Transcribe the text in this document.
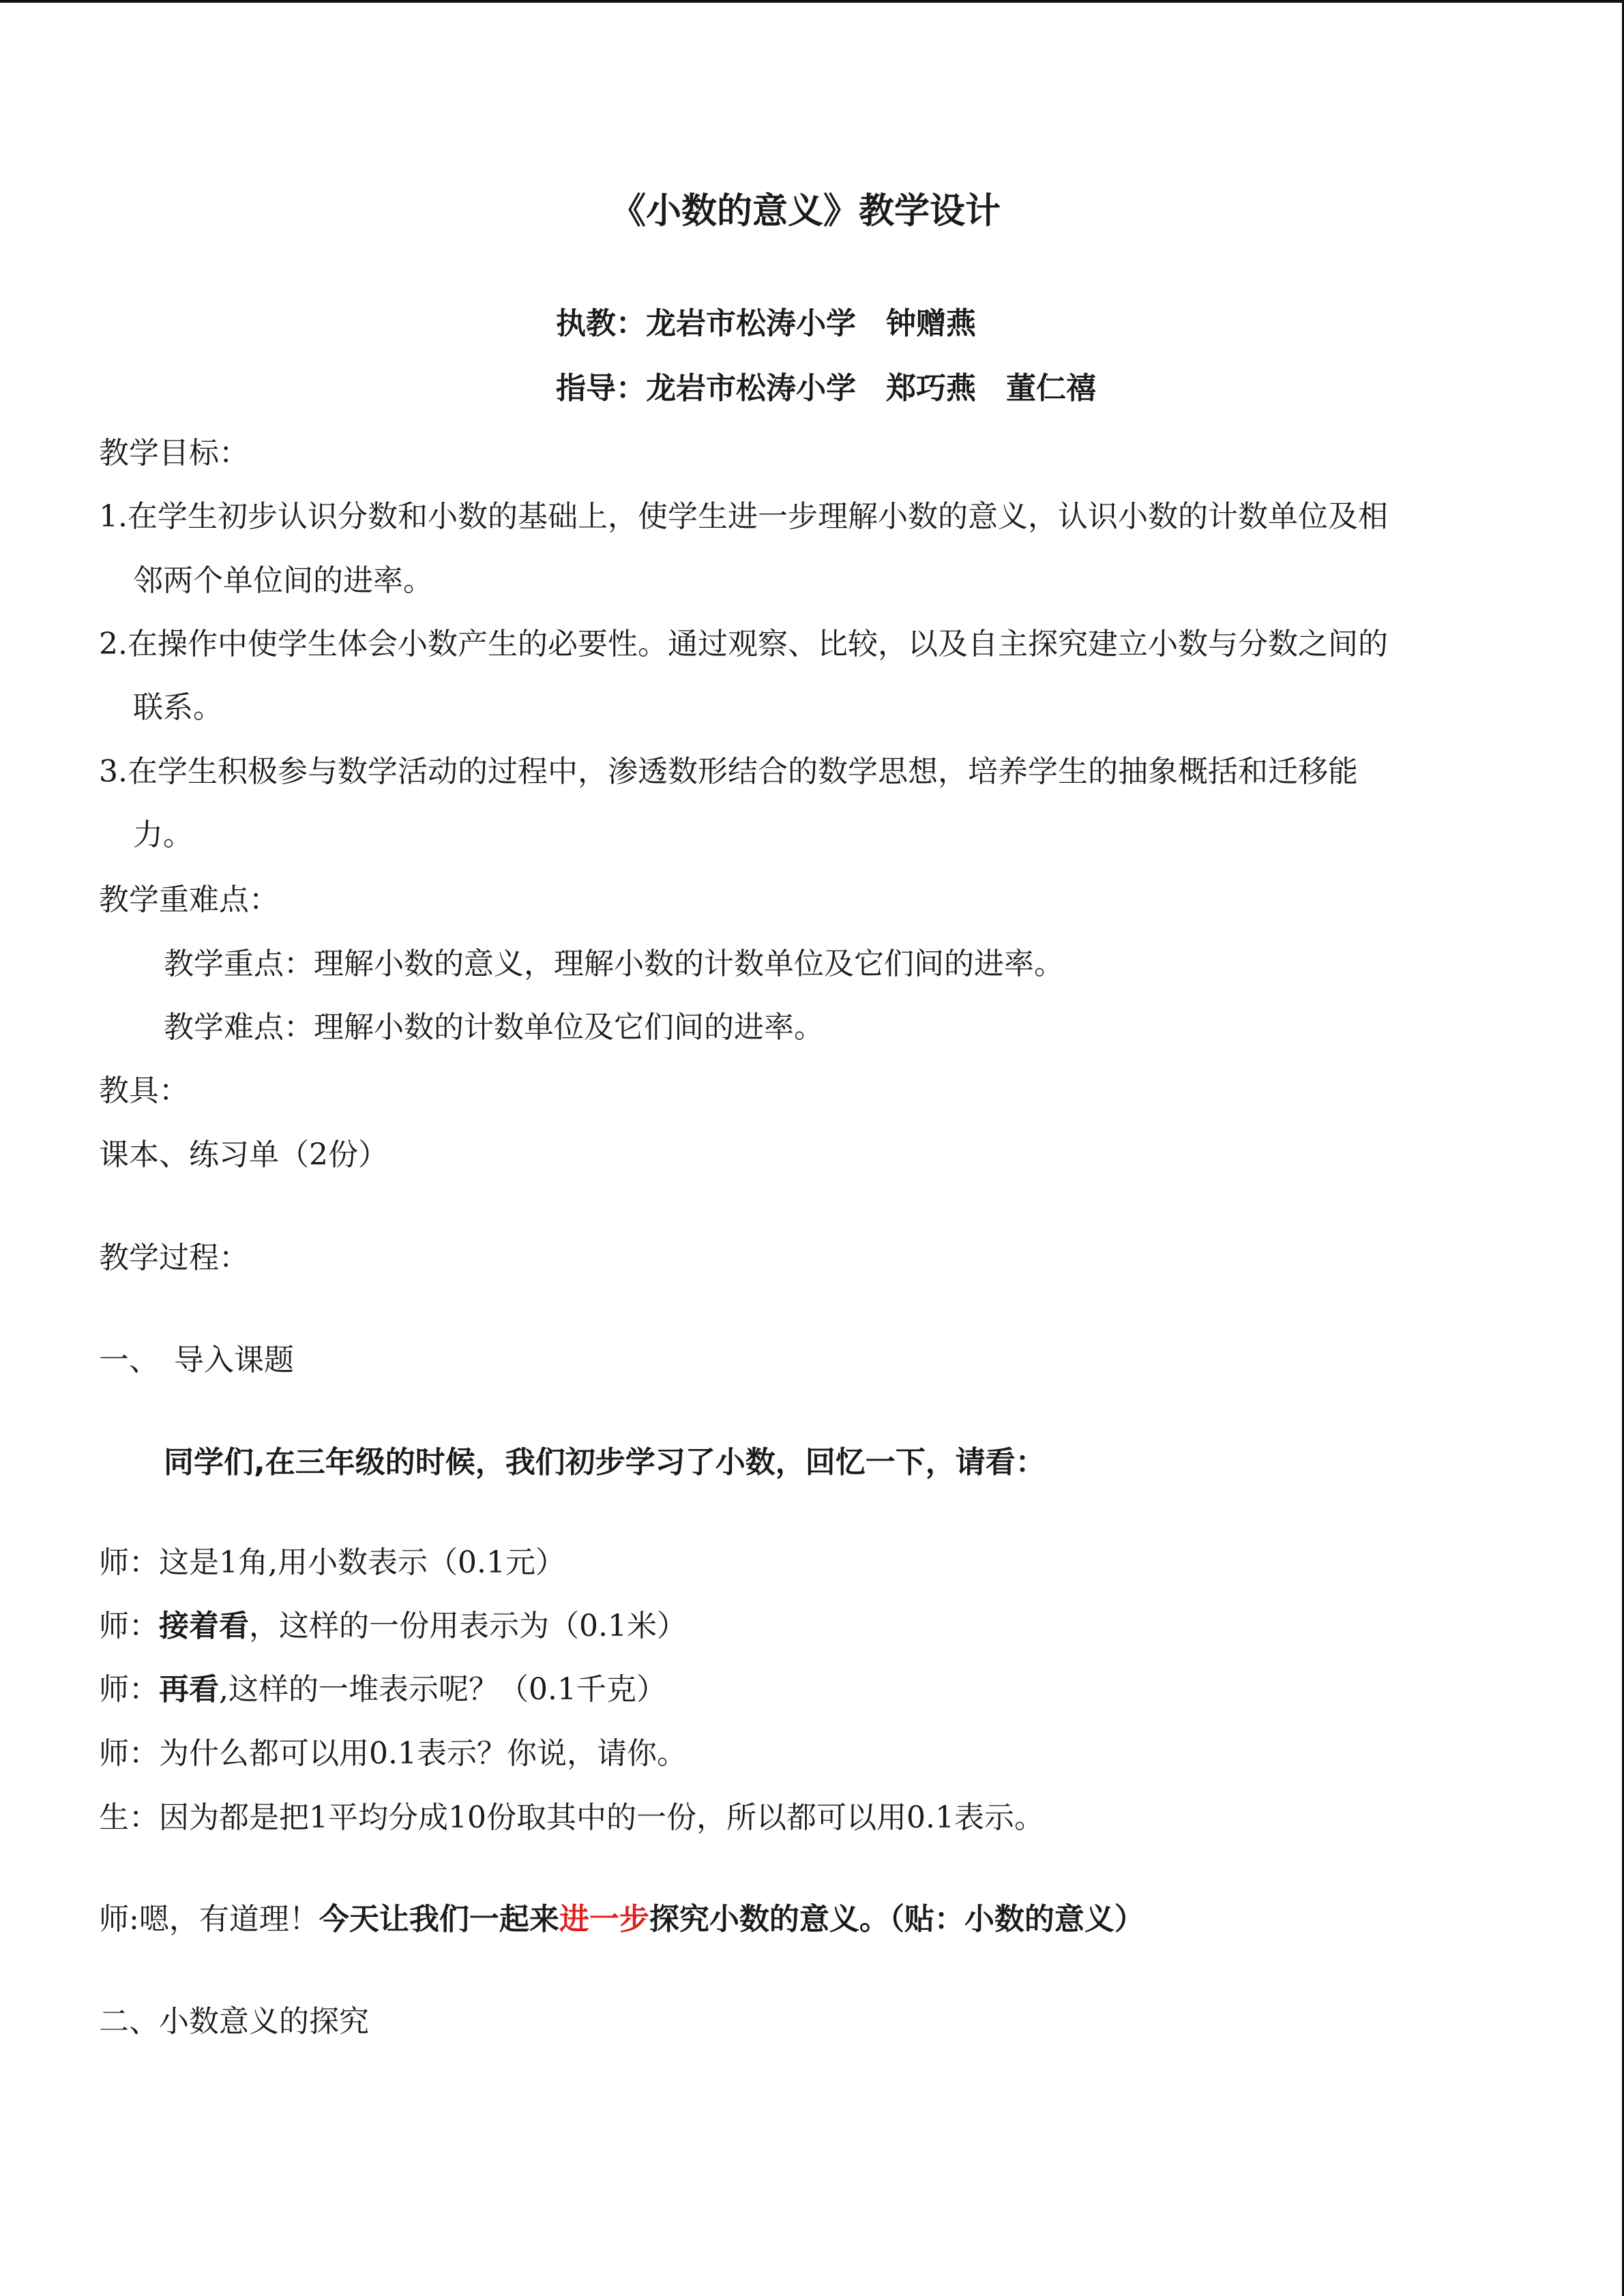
《小数的意义》教学设计
执教：龙岩市松涛小学　钟赠燕
指导：龙岩市松涛小学　郑巧燕　董仁禧
教学目标：
1.在学生初步认识分数和小数的基础上，使学生进一步理解小数的意义，认识小数的计数单位及相
邻两个单位间的进率。
2.在操作中使学生体会小数产生的必要性。通过观察、比较，以及自主探究建立小数与分数之间的
联系。
3.在学生积极参与数学活动的过程中，渗透数形结合的数学思想，培养学生的抽象概括和迁移能
力。
教学重难点：
教学重点：理解小数的意义，理解小数的计数单位及它们间的进率。
教学难点：理解小数的计数单位及它们间的进率。
教具：
课本、练习单（2份）
教学过程：
一、　导入课题
同学们,在三年级的时候，我们初步学习了小数，回忆一下，请看：
师：这是1角,用小数表示（0.1元）
师：接着看，这样的一份用表示为（0.1米）
师：再看,这样的一堆表示呢？（0.1千克）
师：为什么都可以用0.1表示？你说，请你。
生：因为都是把1平均分成10份取其中的一份，所以都可以用0.1表示。
师:嗯，有道理！今天让我们一起来进一步探究小数的意义。（贴：小数的意义）
二、小数意义的探究
